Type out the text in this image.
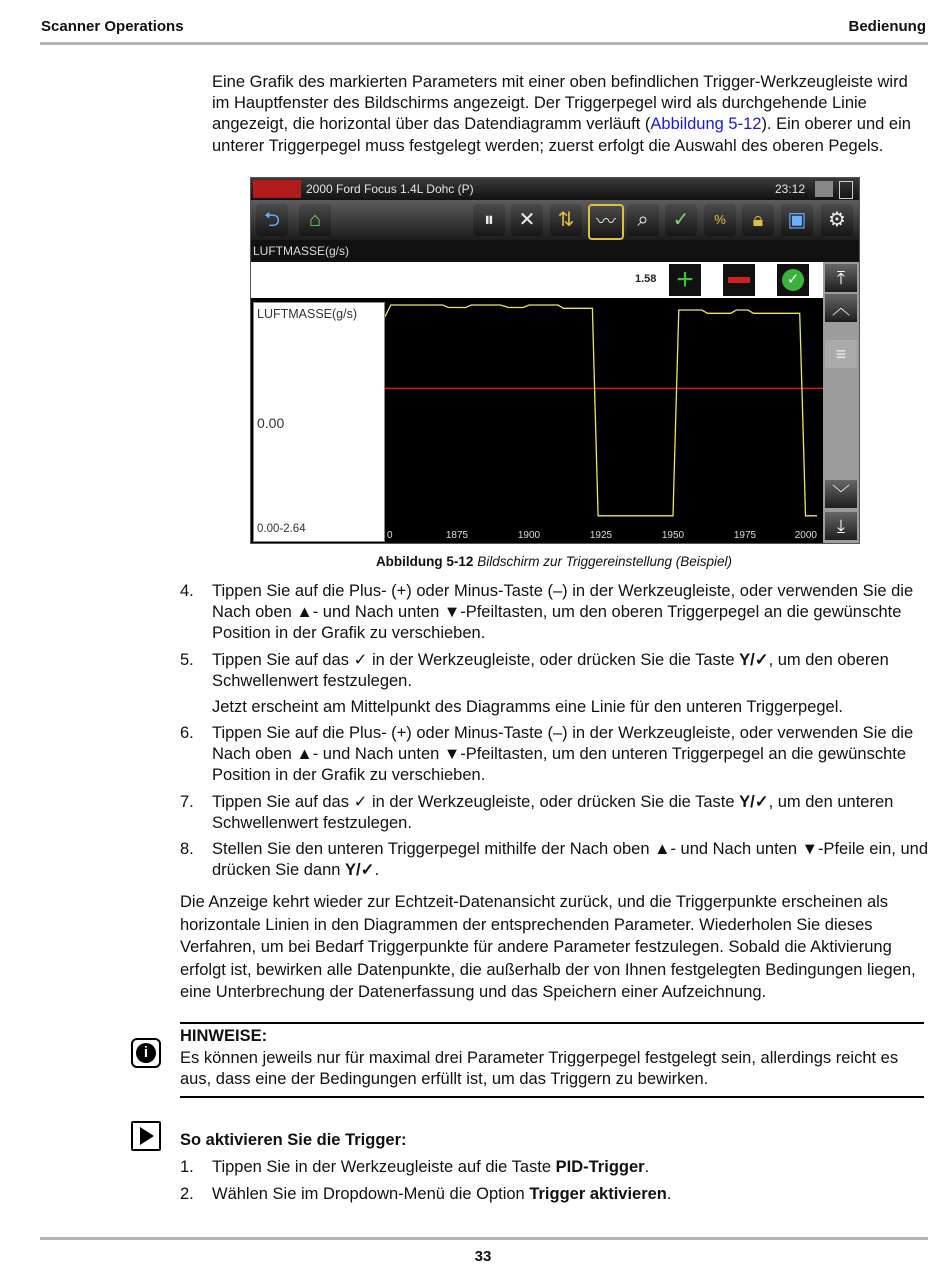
Scanner Operations	Bedienung
Eine Grafik des markierten Parameters mit einer oben befindlichen Trigger-Werkzeugleiste wird im Hauptfenster des Bildschirms angezeigt. Der Triggerpegel wird als durchgehende Linie angezeigt, die horizontal über das Datendiagramm verläuft (Abbildung 5-12). Ein oberer und ein unterer Triggerpegel muss festgelegt werden; zuerst erfolgt die Auswahl des oberen Pegels.
2000 Ford Focus 1.4L Dohc (P)	23:12
⮌	⌂	⏸	✕	⇅	〰	⌕	✓	%	🔒︎	▣	⚙
LUFTMASSE(g/s)
1.58 +	✓	⤒
︿
≡
﹀
⤓
LUFTMASSE(g/s)
0.00
0.00-2.64
0	1875	1900	1925	1950	1975	2000
Abbildung 5-12 Bildschirm zur Triggereinstellung (Beispiel)
4. Tippen Sie auf die Plus- (+) oder Minus-Taste (–) in der Werkzeugleiste, oder verwenden Sie die Nach oben ▲- und Nach unten ▼-Pfeiltasten, um den oberen Triggerpegel an die gewünschte Position in der Grafik zu verschieben.
5. Tippen Sie auf das ✓ in der Werkzeugleiste, oder drücken Sie die Taste Y/✓, um den oberen Schwellenwert festzulegen.
Jetzt erscheint am Mittelpunkt des Diagramms eine Linie für den unteren Triggerpegel.
6. Tippen Sie auf die Plus- (+) oder Minus-Taste (–) in der Werkzeugleiste, oder verwenden Sie die Nach oben ▲- und Nach unten ▼-Pfeiltasten, um den unteren Triggerpegel an die gewünschte Position in der Grafik zu verschieben.
7. Tippen Sie auf das ✓ in der Werkzeugleiste, oder drücken Sie die Taste Y/✓, um den unteren Schwellenwert festzulegen.
8. Stellen Sie den unteren Triggerpegel mithilfe der Nach oben ▲- und Nach unten ▼-Pfeile ein, und drücken Sie dann Y/✓.
Die Anzeige kehrt wieder zur Echtzeit-Datenansicht zurück, und die Triggerpunkte erscheinen als horizontale Linien in den Diagrammen der entsprechenden Parameter. Wiederholen Sie dieses Verfahren, um bei Bedarf Triggerpunkte für andere Parameter festzulegen. Sobald die Aktivierung erfolgt ist, bewirken alle Datenpunkte, die außerhalb der von Ihnen festgelegten Bedingungen liegen, eine Unterbrechung der Datenerfassung und das Speichern einer Aufzeichnung.
i
HINWEISE:
Es können jeweils nur für maximal drei Parameter Triggerpegel festgelegt sein, allerdings reicht es aus, dass eine der Bedingungen erfüllt ist, um das Triggern zu bewirken.
So aktivieren Sie die Trigger:
1. Tippen Sie in der Werkzeugleiste auf die Taste PID-Trigger.
2. Wählen Sie im Dropdown-Menü die Option Trigger aktivieren.
33
